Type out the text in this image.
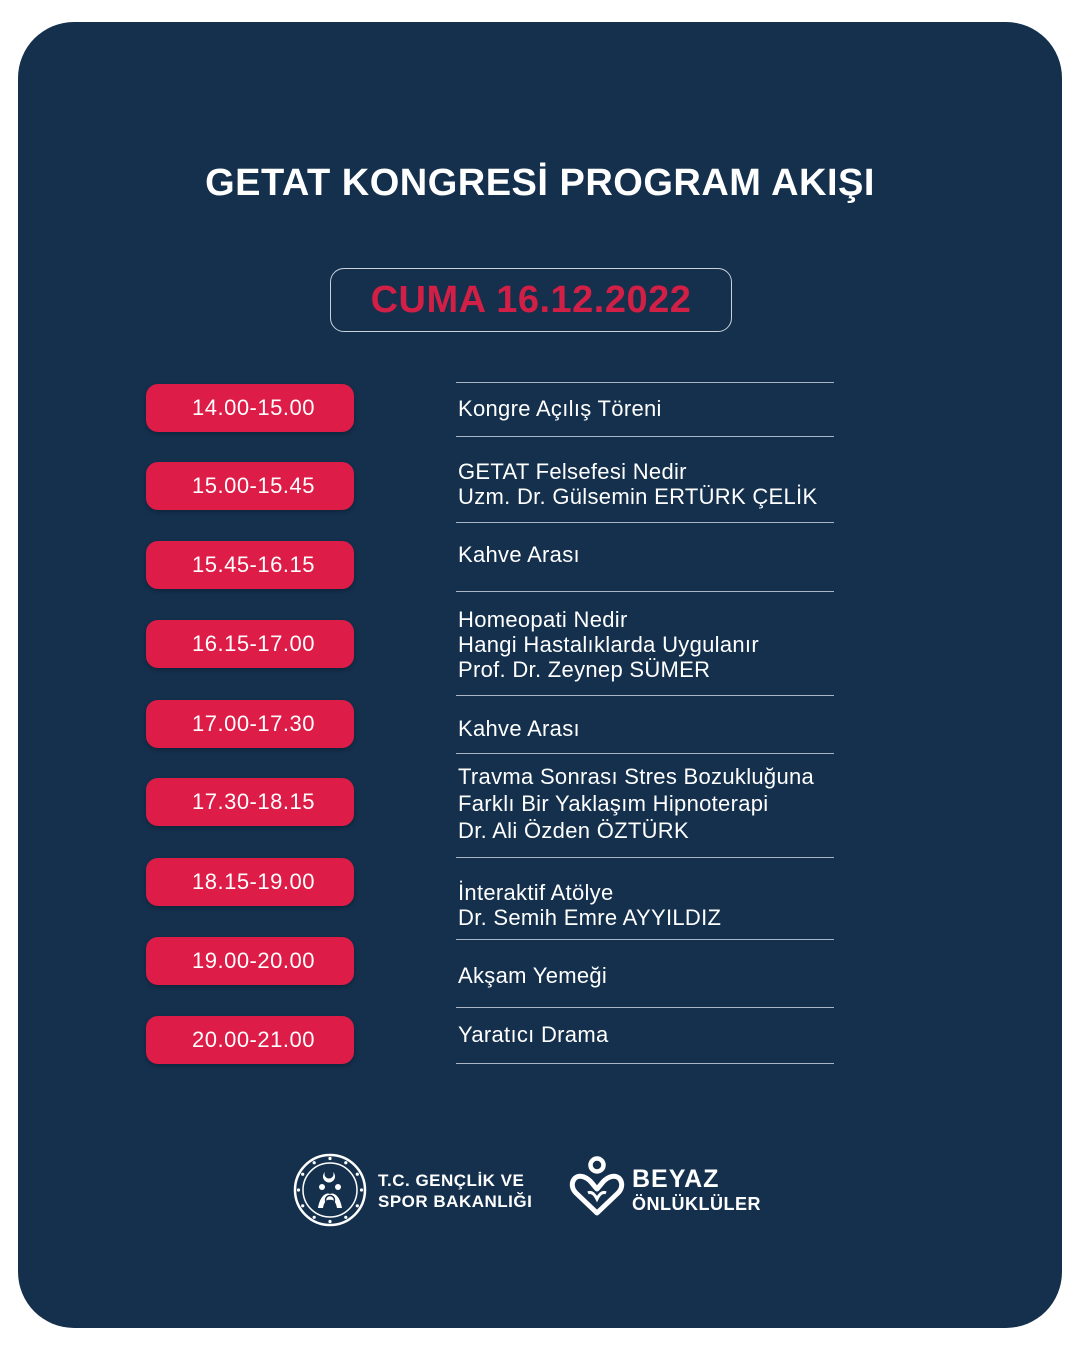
GETAT KONGRESİ PROGRAM AKIŞI
CUMA 16.12.2022
14.00-15.00
15.00-15.45
15.45-16.15
16.15-17.00
17.00-17.30
17.30-18.15
18.15-19.00
19.00-20.00
20.00-21.00
Kongre Açılış Töreni
GETAT Felsefesi Nedir
Uzm. Dr. Gülsemin ERTÜRK ÇELİK
Kahve Arası
Homeopati Nedir
Hangi Hastalıklarda Uygulanır
Prof. Dr. Zeynep SÜMER
Kahve Arası
Travma Sonrası Stres Bozukluğuna
Farklı Bir Yaklaşım Hipnoterapi
Dr. Ali Özden ÖZTÜRK
İnteraktif Atölye
Dr. Semih Emre AYYILDIZ
Akşam Yemeği
Yaratıcı Drama
T.C. GENÇLİK VE
SPOR BAKANLIĞI
BEYAZ
ÖNLÜKLÜLER
